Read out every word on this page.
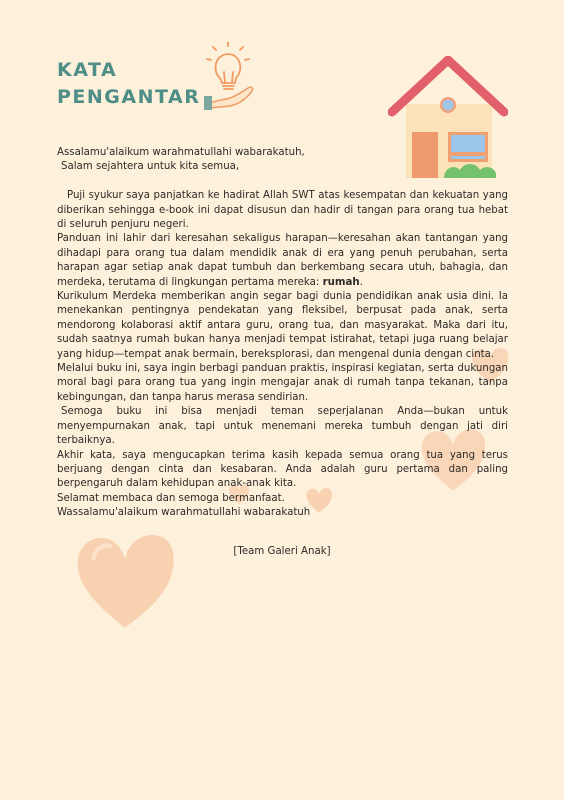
KATA
PENGANTAR

Assalamu'alaikum warahmatullahi wabarakatuh,

Salam sejahtera untuk kita semua,

Puji syukur saya panjatkan ke hadirat Allah SWT atas kesempatan dan kekuatan yang diberikan sehingga e-book ini dapat disusun dan hadir di tangan para orang tua hebat di seluruh penjuru negeri.

Panduan ini lahir dari keresahan sekaligus harapan—keresahan akan tantangan yang dihadapi para orang tua dalam mendidik anak di era yang penuh perubahan, serta harapan agar setiap anak dapat tumbuh dan berkembang secara utuh, bahagia, dan merdeka, terutama di lingkungan pertama mereka: rumah.

Kurikulum Merdeka memberikan angin segar bagi dunia pendidikan anak usia dini. Ia menekankan pentingnya pendekatan yang fleksibel, berpusat pada anak, serta mendorong kolaborasi aktif antara guru, orang tua, dan masyarakat. Maka dari itu, sudah saatnya rumah bukan hanya menjadi tempat istirahat, tetapi juga ruang belajar yang hidup—tempat anak bermain, bereksplorasi, dan mengenal dunia dengan cinta.

Melalui buku ini, saya ingin berbagi panduan praktis, inspirasi kegiatan, serta dukungan moral bagi para orang tua yang ingin mengajar anak di rumah tanpa tekanan, tanpa kebingungan, dan tanpa harus merasa sendirian.

Semoga buku ini bisa menjadi teman seperjalanan Anda—bukan untuk menyempurnakan anak, tapi untuk menemani mereka tumbuh dengan jati diri terbaiknya.

Akhir kata, saya mengucapkan terima kasih kepada semua orang tua yang terus berjuang dengan cinta dan kesabaran. Anda adalah guru pertama dan paling berpengaruh dalam kehidupan anak-anak kita.

Selamat membaca dan semoga bermanfaat.

Wassalamu'alaikum warahmatullahi wabarakatuh

[Team Galeri Anak]
